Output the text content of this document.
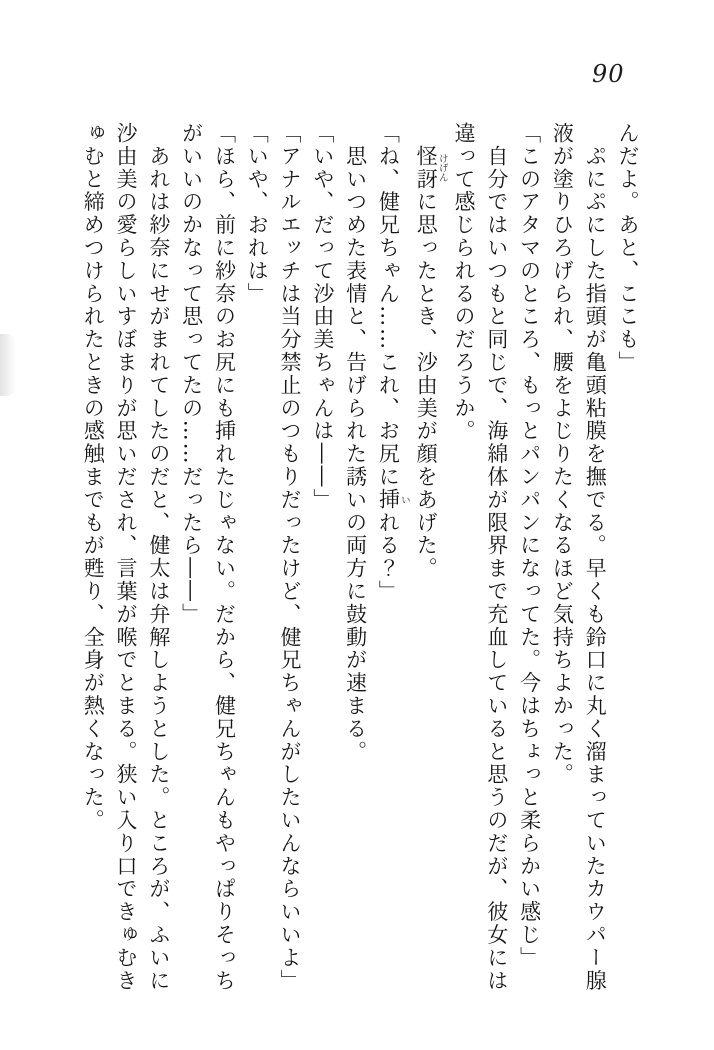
90

んだよ。あと、ここも」

　ぷにぷにした指頭が亀頭粘膜を撫でる。早くも鈴口に丸く溜まっていたカウパー腺
液が塗りひろげられ、腰をよじりたくなるほど気持ちよかった。

「このアタマのところ、もっとパンパンになってた。今はちょっと柔らかい感じ」

　自分ではいつもと同じで、海綿体が限界まで充血していると思うのだが、彼女には
違って感じられるのだろうか。

　怪訝けげんに思ったとき、沙由美が顔をあげた。

「ね、健兄ちゃん……これ、お尻に挿いれる？」

　思いつめた表情と、告げられた誘いの両方に鼓動が速まる。

「いや、だって沙由美ちゃんは――」

「アナルエッチは当分禁止のつもりだったけど、健兄ちゃんがしたいんならいいよ」

「いや、おれは」

「ほら、前に紗奈のお尻にも挿れたじゃない。だから、健兄ちゃんもやっぱりそっち
がいいのかなって思ってたの……だったら――」

　あれは紗奈にせがまれてしたのだと、健太は弁解しようとした。ところが、ふいに
沙由美の愛らしいすぼまりが思いだされ、言葉が喉でとまる。狭い入り口できゅむき
ゅむと締めつけられたときの感触までもが甦り、全身が熱くなった。
